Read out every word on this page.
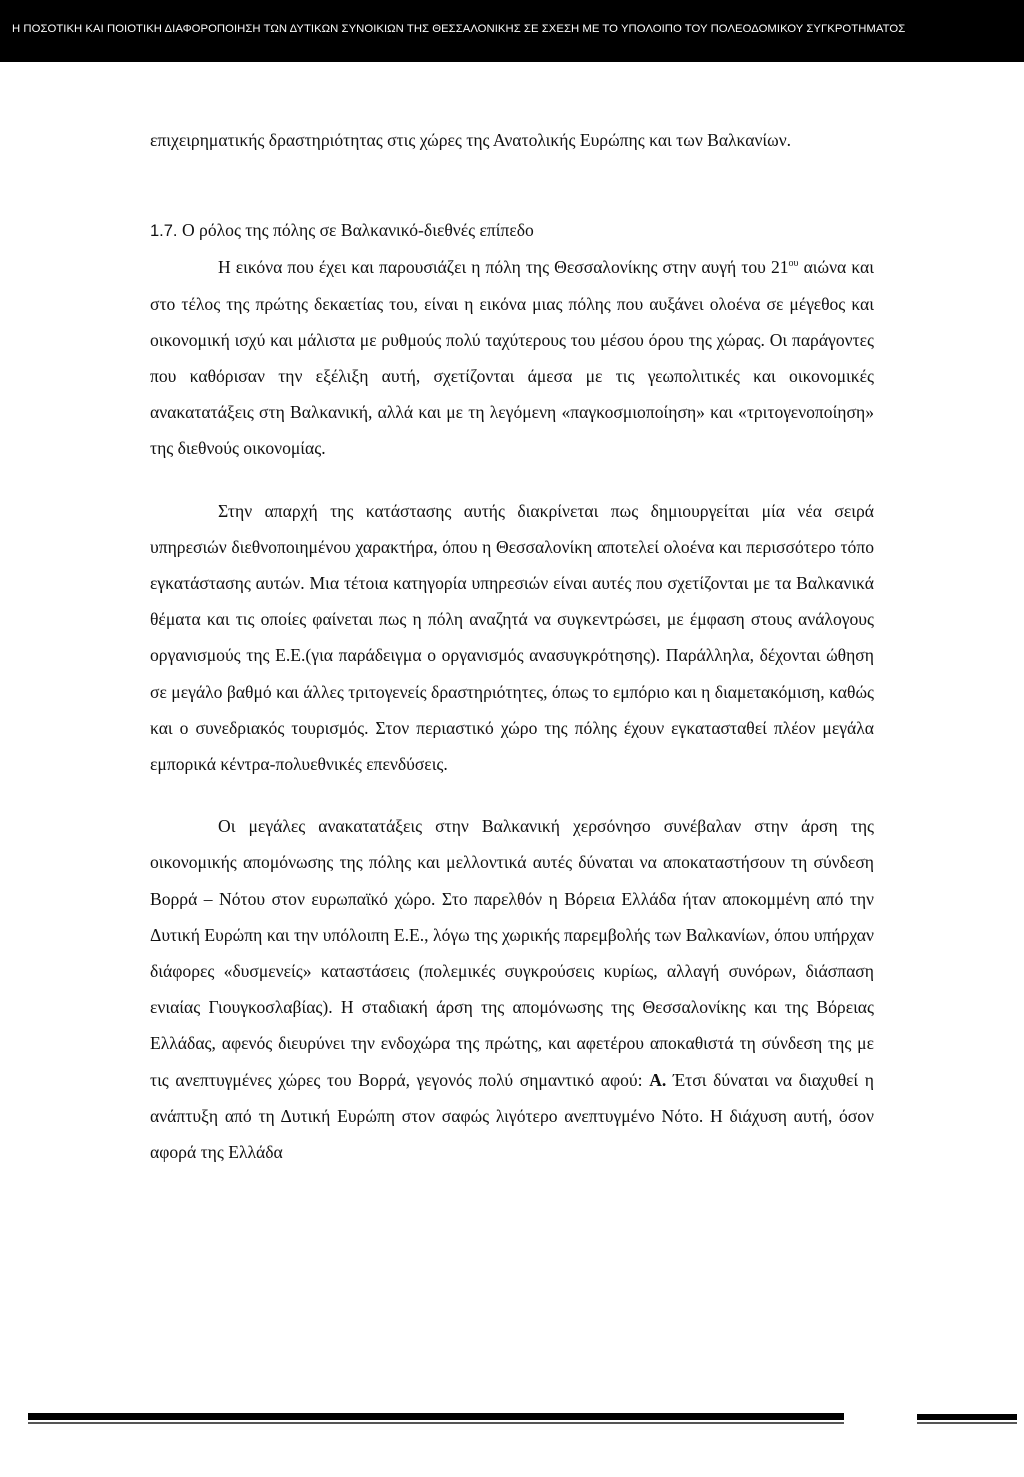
Η ΠΟΣΟΤΙΚΗ ΚΑΙ ΠΟΙΟΤΙΚΗ ΔΙΑΦΟΡΟΠΟΙΗΣΗ ΤΩΝ ΔΥΤΙΚΩΝ ΣΥΝΟΙΚΙΩΝ ΤΗΣ ΘΕΣΣΑΛΟΝΙΚΗΣ ΣΕ ΣΧΕΣΗ ΜΕ ΤΟ ΥΠΟΛΟΙΠΟ ΤΟΥ ΠΟΛΕΟΔΟΜΙΚΟΥ ΣΥΓΚΡΟΤΗΜΑΤΟΣ

επιχειρηματικής δραστηριότητας στις χώρες της Ανατολικής Ευρώπης και των Βαλκανίων.

1.7. Ο ρόλος της πόλης σε Βαλκανικό-διεθνές επίπεδο

Η εικόνα που έχει και παρουσιάζει η πόλη της Θεσσαλονίκης στην αυγή του $21^{o\upsilon}$ αιώνα και στο τέλος της πρώτης δεκαετίας του, είναι η εικόνα μιας πόλης που αυξάνει ολοένα σε μέγεθος και οικονομική ισχύ και μάλιστα με ρυθμούς πολύ ταχύτερους του μέσου όρου της χώρας. Οι παράγοντες που καθόρισαν την εξέλιξη αυτή, σχετίζονται άμεσα με τις γεωπολιτικές και οικονομικές ανακατατάξεις στη Βαλκανική, αλλά και με τη λεγόμενη «παγκοσμιοποίηση» και «τριτογενοποίηση» της διεθνούς οικονομίας.

Στην απαρχή της κατάστασης αυτής διακρίνεται πως δημιουργείται μία νέα σειρά υπηρεσιών διεθνοποιημένου χαρακτήρα, όπου η Θεσσαλονίκη αποτελεί ολοένα και περισσότερο τόπο εγκατάστασης αυτών. Μια τέτοια κατηγορία υπηρεσιών είναι αυτές που σχετίζονται με τα Βαλκανικά θέματα και τις οποίες φαίνεται πως η πόλη αναζητά να συγκεντρώσει, με έμφαση στους ανάλογους οργανισμούς της Ε.Ε.(για παράδειγμα ο οργανισμός ανασυγκρότησης). Παράλληλα, δέχονται ώθηση σε μεγάλο βαθμό και άλλες τριτογενείς δραστηριότητες, όπως το εμπόριο και η διαμετακόμιση, καθώς και ο συνεδριακός τουρισμός. Στον περιαστικό χώρο της πόλης έχουν εγκατασταθεί πλέον μεγάλα εμπορικά κέντρα-πολυεθνικές επενδύσεις.

Οι μεγάλες ανακατατάξεις στην Βαλκανική χερσόνησο συνέβαλαν στην άρση της οικονομικής απομόνωσης της πόλης και μελλοντικά αυτές δύναται να αποκαταστήσουν τη σύνδεση Βορρά – Νότου στον ευρωπαϊκό χώρο. Στο παρελθόν η Βόρεια Ελλάδα ήταν αποκομμένη από την Δυτική Ευρώπη και την υπόλοιπη Ε.Ε., λόγω της χωρικής παρεμβολής των Βαλκανίων, όπου υπήρχαν διάφορες «δυσμενείς» καταστάσεις (πολεμικές συγκρούσεις κυρίως, αλλαγή συνόρων, διάσπαση ενιαίας Γιουγκοσλαβίας). Η σταδιακή άρση της απομόνωσης της Θεσσαλονίκης και της Βόρειας Ελλάδας, αφενός διευρύνει την ενδοχώρα της πρώτης, και αφετέρου αποκαθιστά τη σύνδεση της με τις ανεπτυγμένες χώρες του Βορρά, γεγονός πολύ σημαντικό αφού: Α. Έτσι δύναται να διαχυθεί η ανάπτυξη από τη Δυτική Ευρώπη στον σαφώς λιγότερο ανεπτυγμένο Νότο. Η διάχυση αυτή, όσον αφορά της Ελλάδα
